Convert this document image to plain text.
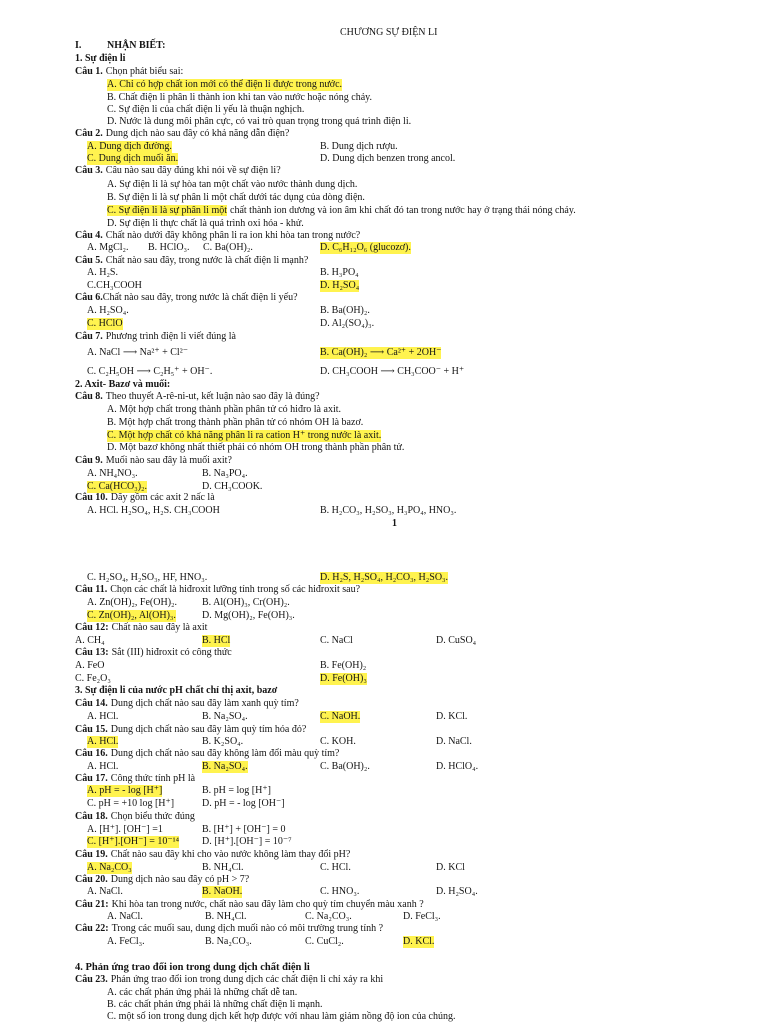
CHƯƠNG SỰ ĐIỆN LI
I.	NHẬN BIẾT:
1. Sự điện li
Câu 1. Chọn phát biểu sai:
A. Chỉ có hợp chất ion mới có thể điện li được trong nước.
B. Chất điện li phân li thành ion khi tan vào nước hoặc nóng chảy.
C. Sự điện li của chất điện li yếu là thuận nghịch.
D. Nước là dung môi phân cực, có vai trò quan trọng trong quá trình điện li.
Câu 2. Dung dịch nào sau đây có khả năng dẫn điện?
A. Dung dịch đường.	B. Dung dịch rượu.
C. Dung dịch muối ăn.	D. Dung dịch benzen trong ancol.
Câu 3. Câu nào sau đây đúng khi nói về sự điện li?
A. Sự điện li là sự hòa tan một chất vào nước thành dung dịch.
B. Sự điện li là sự phân li một chất dưới tác dụng của dòng điện.
C. Sự điện li là sự phân li một chất thành ion dương và ion âm khi chất đó tan trong nước hay ở trạng thái nóng chảy.
D. Sự điện li thực chất là quá trình oxi hóa - khử.
Câu 4. Chất nào dưới đây không phân li ra ion khi hòa tan trong nước?
A. MgCl₂. B. HClO₃. C. Ba(OH)₂.	D. C₆H₁₂O₆ (glucozơ).
Câu 5. Chất nào sau đây, trong nước là chất điện li mạnh?
A. H₂S.	B. H₃PO₄
C.CH₃COOH	D. H₂SO₄
Câu 6.Chất nào sau đây, trong nước là chất điện li yếu?
A. H₂SO₄.	B. Ba(OH)₂.
C. HClO	D. Al₂(SO₄)₃.
Câu 7. Phương trình điện li viết đúng là
A. NaCl ⟶ Na²⁺ + Cl²⁻	B. Ca(OH)₂ ⟶ Ca²⁺ + 2OH⁻
C. C₂H₅OH ⟶ C₂H₅⁺ + OH⁻.	D. CH₃COOH ⟶ CH₃COO⁻ + H⁺
2. Axit- Bazơ và muối:
Câu 8. Theo thuyết A-rê-ni-ut, kết luận nào sao đây là đúng?
A. Một hợp chất trong thành phần phân tử có hiđro là axit.
B. Một hợp chất trong thành phần phân tử có nhóm OH là bazơ.
C. Một hợp chất có khả năng phân li ra cation H⁺ trong nước là axit.
D. Một bazơ không nhất thiết phải có nhóm OH trong thành phần phân tử.
Câu 9. Muối nào sau đây là muối axit?
A. NH₄NO₃.	B. Na₃PO₄.
C. Ca(HCO₃)₂.	D. CH₃COOK.
Câu 10. Dãy gồm các axit 2 nấc là
A. HCl. H₂SO₄, H₂S. CH₃COOH	B. H₂CO₃, H₂SO₃, H₃PO₄, HNO₃.
1
C. H₂SO₄, H₂SO₃, HF, HNO₃.	D. H₂S, H₂SO₄, H₂CO₃, H₂SO₃.
Câu 11. Chọn các chất là hiđroxit lưỡng tính trong số các hiđroxit sau?
A. Zn(OH)₂, Fe(OH)₂. B. Al(OH)₃, Cr(OH)₂.
C. Zn(OH)₂, Al(OH)₃.	D. Mg(OH)₂, Fe(OH)₃.
Câu 12: Chất nào sau đây là axit
A. CH₄	B. HCl	C. NaCl	D. CuSO₄
Câu 13: Sắt (III) hiđroxit có công thức
A. FeO	B. Fe(OH)₂
C. Fe₂O₃	D. Fe(OH)₃
3. Sự điện li của nước pH chất chỉ thị axit, bazơ
Câu 14. Dung dịch chất nào sau đây làm xanh quỳ tím?
A. HCl.	B. Na₂SO₄.	C. NaOH.	D. KCl.
Câu 15. Dung dịch chất nào sau đây làm quỳ tím hóa đỏ?
A. HCl.	B. K₂SO₄.	C. KOH.	D. NaCl.
Câu 16. Dung dịch chất nào sau đây không làm đổi màu quỳ tím?
A. HCl.	B. Na₂SO₄.	C. Ba(OH)₂.	D. HClO₄.
Câu 17. Công thức tính pH là
A. pH = - log [H⁺]	B. pH = log [H⁺]
C. pH = +10 log [H⁺]	D. pH = - log [OH⁻]
Câu 18. Chọn biểu thức đúng
A. [H⁺]. [OH⁻] =1	B. [H⁺] + [OH⁻] = 0
C. [H⁺].[OH⁻] = 10⁻¹⁴ D. [H⁺].[OH⁻] = 10⁻⁷
Câu 19. Chất nào sau đây khi cho vào nước không làm thay đổi pH?
A. Na₂CO₃	B. NH₄Cl.	C. HCl.	D. KCl
Câu 20. Dung dịch nào sau đây có pH > 7?
A. NaCl.	B. NaOH.	C. HNO₃.	D. H₂SO₄.
Câu 21: Khi hòa tan trong nước, chất nào sau đây làm cho quỳ tím chuyển màu xanh ?
A. NaCl.	B. NH₄Cl.	C. Na₂CO₃.	D. FeCl₃.
Câu 22: Trong các muối sau, dung dịch muối nào có môi trường trung tính ?
A. FeCl₃.	B. Na₂CO₃.	C. CuCl₂.	D. KCl.
4. Phản ứng trao đổi ion trong dung dịch chất điện li
Câu 23. Phản ứng trao đổi ion trong dung dịch các chất điện li chỉ xảy ra khi
A. các chất phản ứng phải là những chất dễ tan.
B. các chất phản ứng phải là những chất điện li mạnh.
C. một số ion trong dung dịch kết hợp được với nhau làm giảm nồng độ ion của chúng.
